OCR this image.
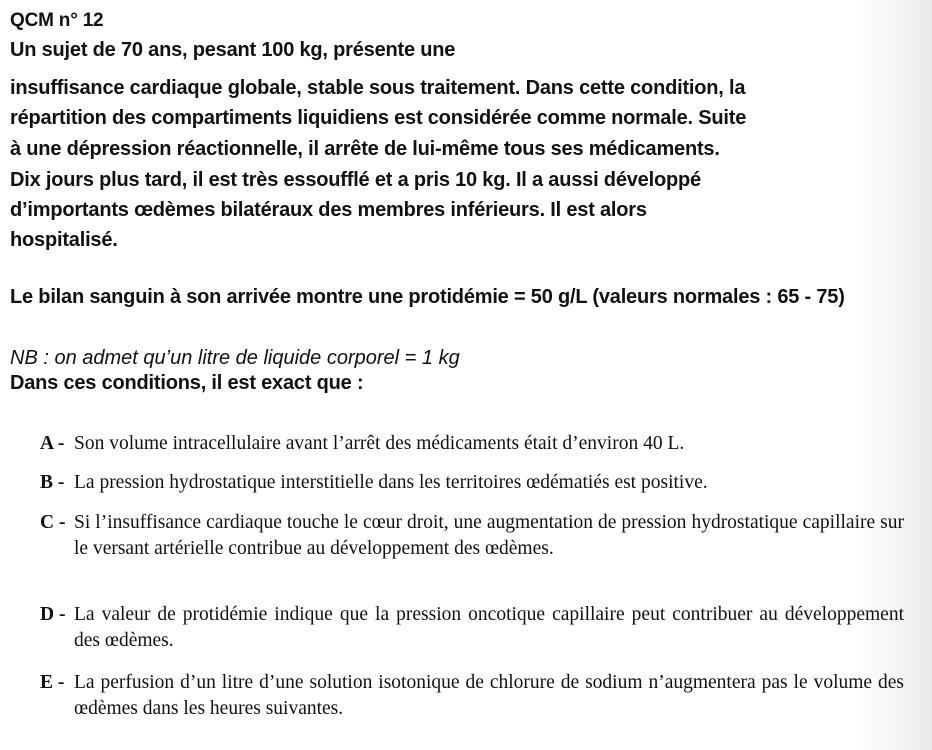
QCM n° 12
Un sujet de 70 ans, pesant 100 kg, présente une
insuffisance cardiaque globale, stable sous traitement. Dans cette condition, la
répartition des compartiments liquidiens est considérée comme normale. Suite
à une dépression réactionnelle, il arrête de lui-même tous ses médicaments.
Dix jours plus tard, il est très essoufflé et a pris 10 kg. Il a aussi développé
d’importants œdèmes bilatéraux des membres inférieurs. Il est alors
hospitalisé.
Le bilan sanguin à son arrivée montre une protidémie = 50 g/L (valeurs normales : 65 - 75)
NB : on admet qu’un litre de liquide corporel = 1 kg
Dans ces conditions, il est exact que :
A - Son volume intracellulaire avant l’arrêt des médicaments était d’environ 40 L.
B - La pression hydrostatique interstitielle dans les territoires œdématiés est positive.
C - Si l’insuffisance cardiaque touche le cœur droit, une augmentation de pression hydrostatique capillaire sur le versant artérielle contribue au développement des œdèmes.
D - La valeur de protidémie indique que la pression oncotique capillaire peut contribuer au développement des œdèmes.
E - La perfusion d’un litre d’une solution isotonique de chlorure de sodium n’augmentera pas le volume des œdèmes dans les heures suivantes.
